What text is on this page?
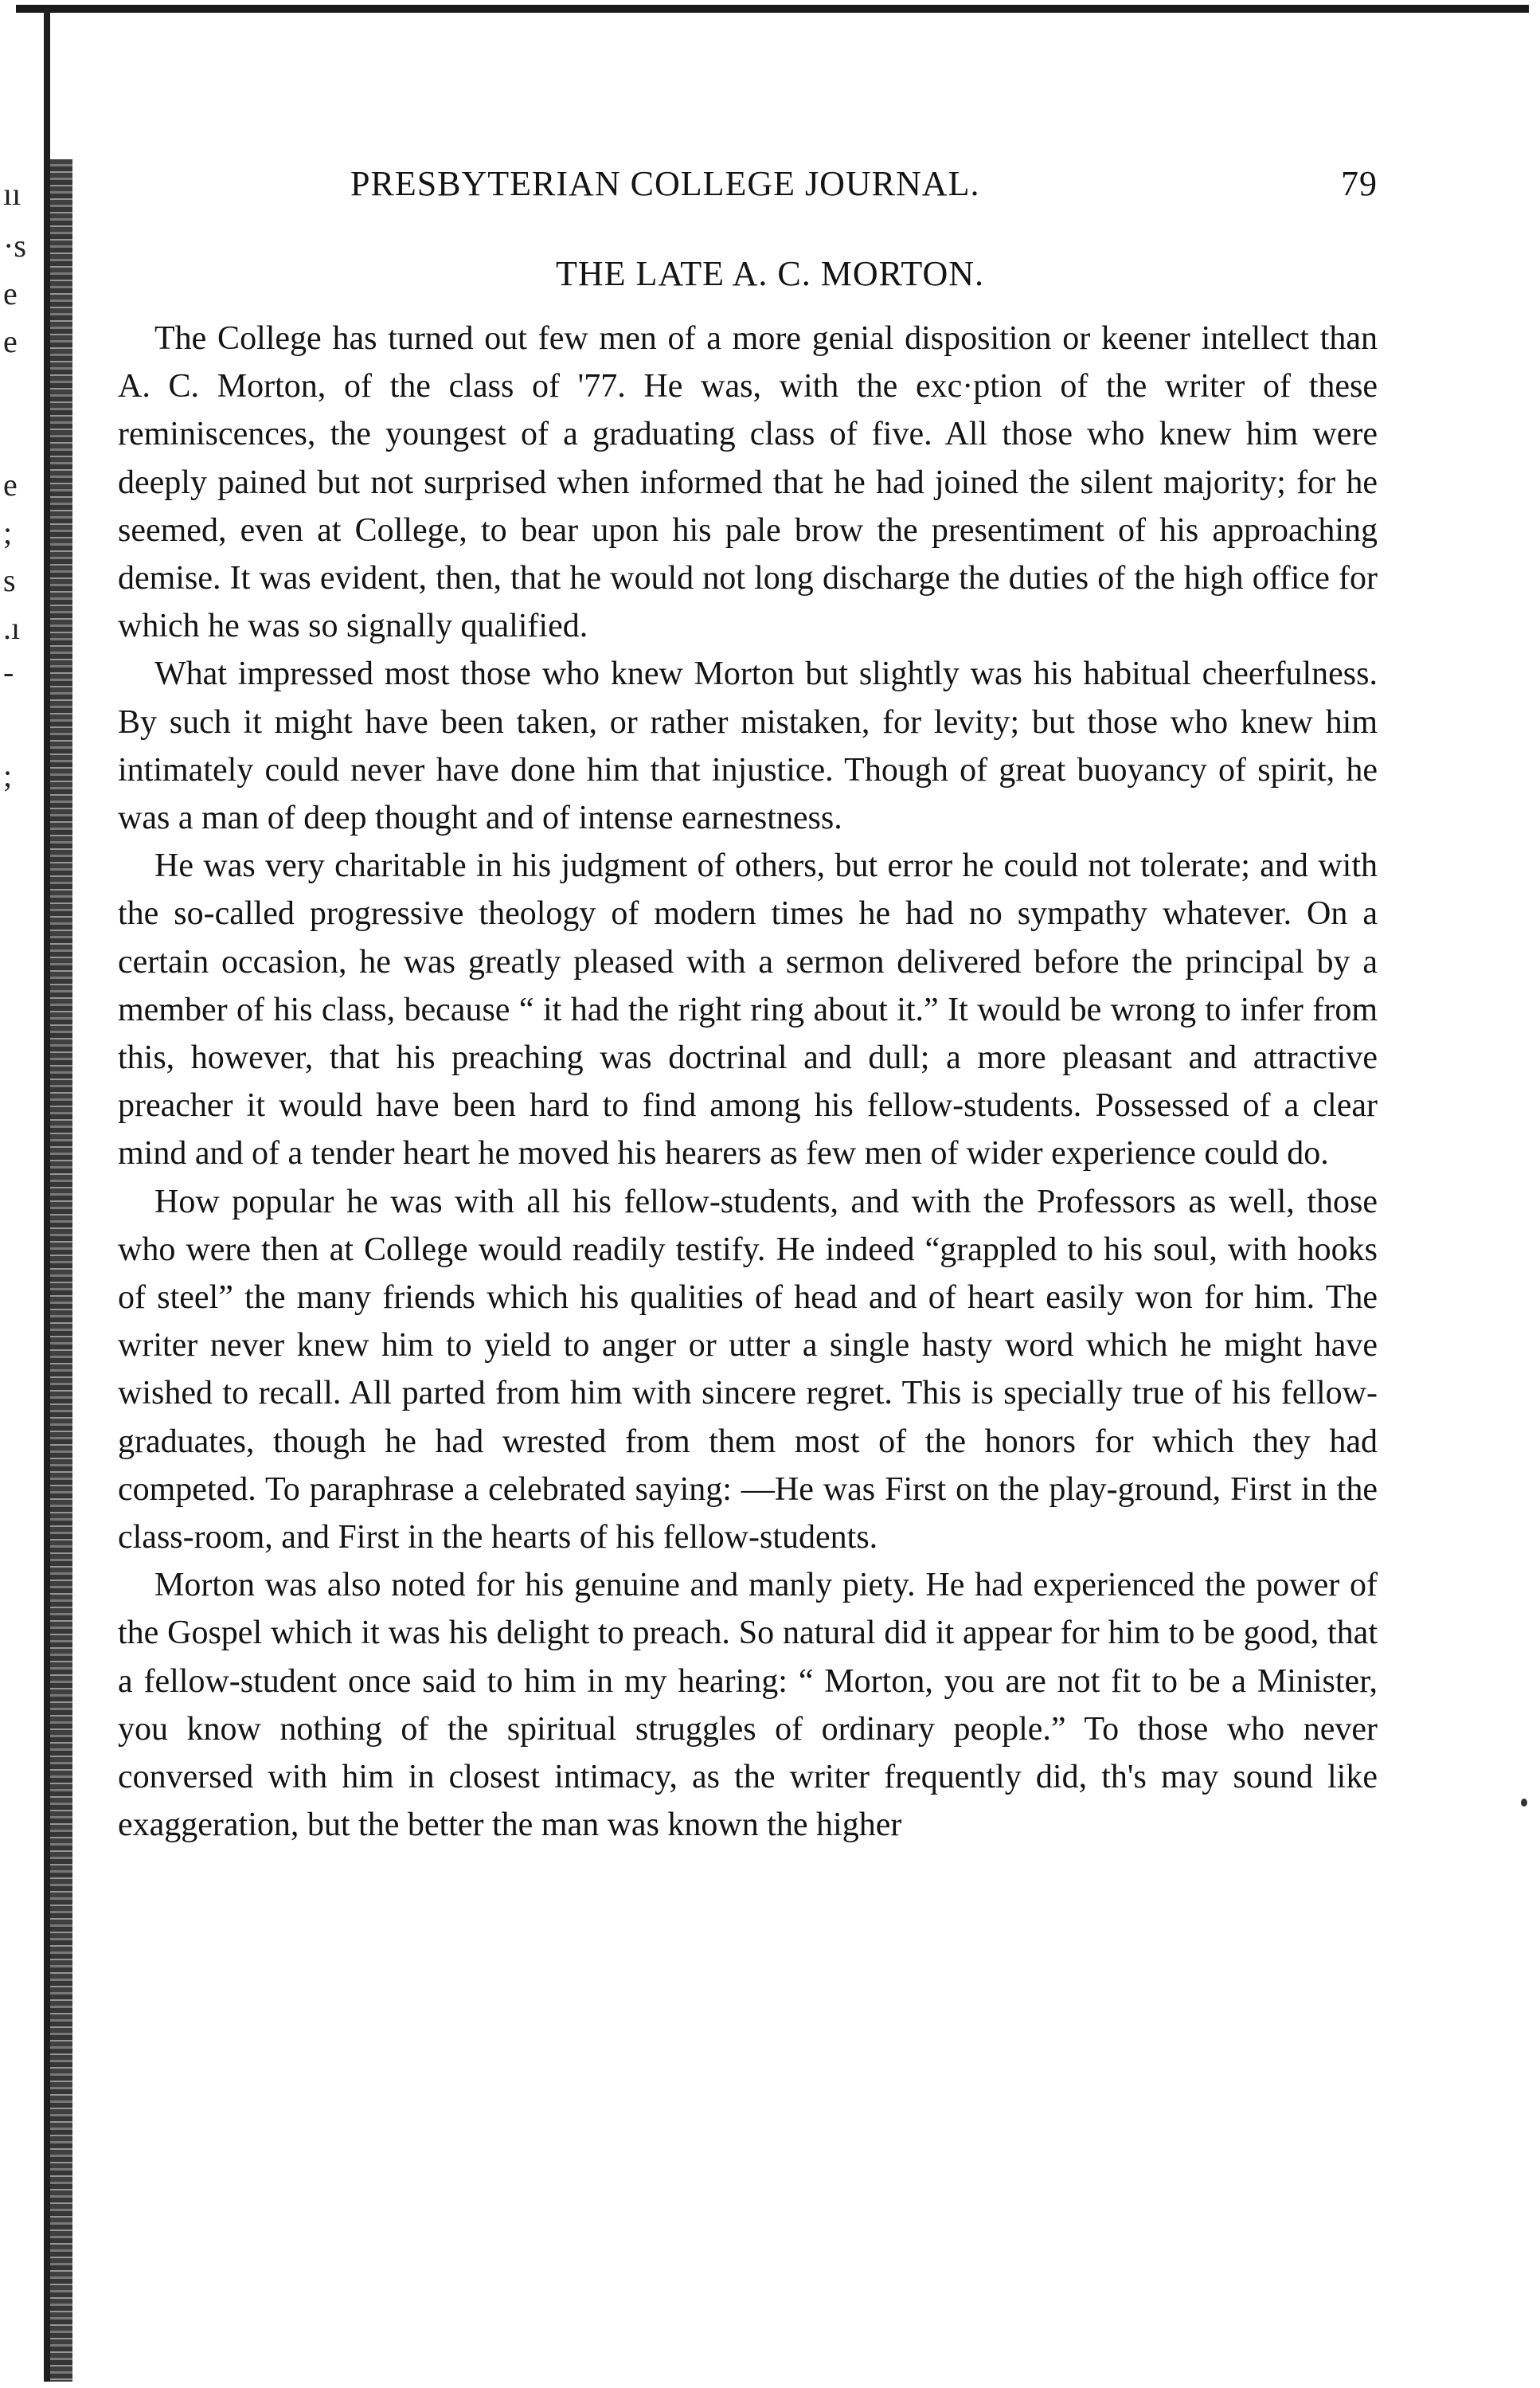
ıı
·s
e
e
e
;
s
.ı
-
;
PRESBYTERIAN COLLEGE JOURNAL.	79
THE LATE A. C. MORTON.

The College has turned out few men of a more genial disposition or keener intellect than A. C. Morton, of the class of '77. He was, with the exc·ption of the writer of these reminiscences, the youngest of a graduating class of five. All those who knew him were deeply pained but not surprised when informed that he had joined the silent majority; for he seemed, even at College, to bear upon his pale brow the presentiment of his approaching demise. It was evident, then, that he would not long discharge the duties of the high office for which he was so signally qualified.

What impressed most those who knew Morton but slightly was his habitual cheerfulness. By such it might have been taken, or rather mistaken, for levity; but those who knew him intimately could never have done him that injustice. Though of great buoyancy of spirit, he was a man of deep thought and of intense earnestness.

He was very charitable in his judgment of others, but error he could not tolerate; and with the so-called progressive theology of modern times he had no sympathy whatever. On a certain occasion, he was greatly pleased with a sermon delivered before the principal by a member of his class, because “ it had the right ring about it.” It would be wrong to infer from this, however, that his preaching was doctrinal and dull; a more pleasant and attractive preacher it would have been hard to find among his fellow-students. Possessed of a clear mind and of a tender heart he moved his hearers as few men of wider experience could do.

How popular he was with all his fellow-students, and with the Professors as well, those who were then at College would readily testify. He indeed “grappled to his soul, with hooks of steel” the many friends which his qualities of head and of heart easily won for him. The writer never knew him to yield to anger or utter a single hasty word which he might have wished to recall. All parted from him with sincere regret. This is specially true of his fellow-graduates, though he had wrested from them most of the honors for which they had competed. To paraphrase a celebrated saying: —He was First on the play-ground, First in the class-room, and First in the hearts of his fellow-students.

Morton was also noted for his genuine and manly piety. He had experienced the power of the Gospel which it was his delight to preach. So natural did it appear for him to be good, that a fellow-student once said to him in my hearing: “ Morton, you are not fit to be a Minister, you know nothing of the spiritual struggles of ordinary people.” To those who never conversed with him in closest intimacy, as the writer frequently did, th's may sound like exaggeration, but the better the man was known the higher
